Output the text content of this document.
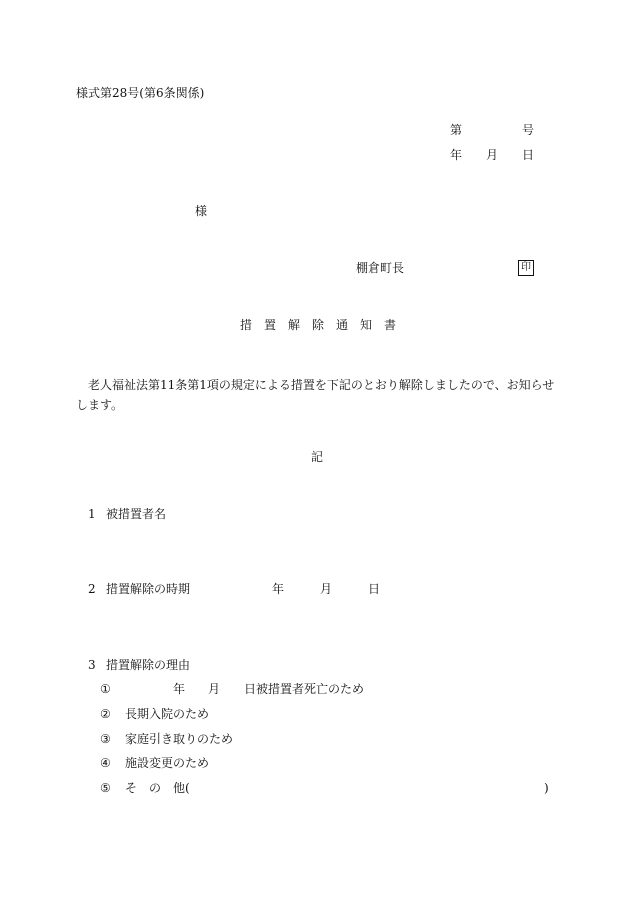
様式第28号(第6条関係)
第	号
年 月 日
様
棚倉町長	印
措　置　解　除　通　知　書
老人福祉法第11条第1項の規定による措置を下記のとおり解除しましたので、お知らせします。
記
1 被措置者名
2 措置解除の時期	年	月	日
3 措置解除の理由
①	年 月 日被措置者死亡のため
② 長期入院のため
③ 家庭引き取りのため
④ 施設変更のため
⑤ そ　の　他(	)
